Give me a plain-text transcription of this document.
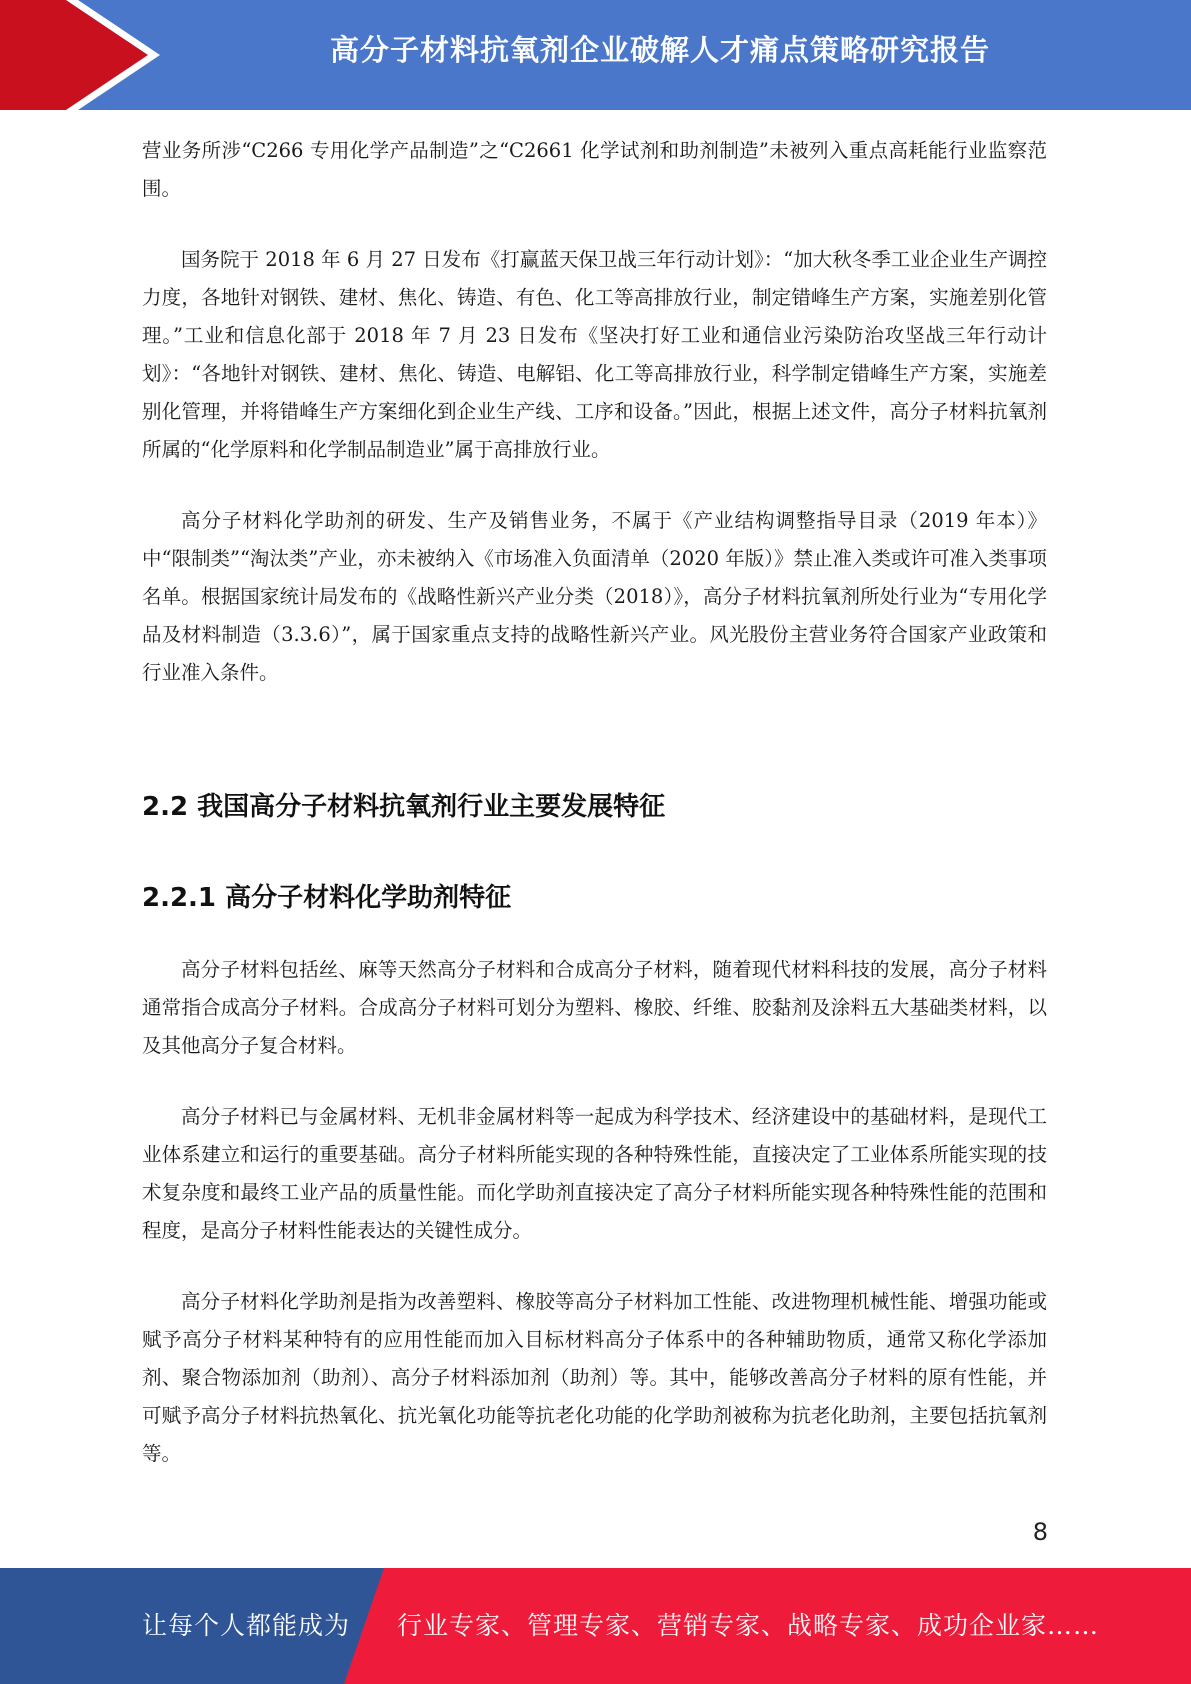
高分子材料抗氧剂企业破解人才痛点策略研究报告

营业务所涉“C266 专用化学产品制造”之“C2661 化学试剂和助剂制造”未被列入重点高耗能行业监察范围。

国务院于 2018 年 6 月 27 日发布《打赢蓝天保卫战三年行动计划》：“加大秋冬季工业企业生产调控力度，各地针对钢铁、建材、焦化、铸造、有色、化工等高排放行业，制定错峰生产方案，实施差别化管理。”工业和信息化部于 2018 年 7 月 23 日发布《坚决打好工业和通信业污染防治攻坚战三年行动计划》：“各地针对钢铁、建材、焦化、铸造、电解铝、化工等高排放行业，科学制定错峰生产方案，实施差别化管理，并将错峰生产方案细化到企业生产线、工序和设备。”因此，根据上述文件，高分子材料抗氧剂所属的“化学原料和化学制品制造业”属于高排放行业。

高分子材料化学助剂的研发、生产及销售业务，不属于《产业结构调整指导目录（2019 年本）》中“限制类”“淘汰类”产业，亦未被纳入《市场准入负面清单（2020 年版）》禁止准入类或许可准入类事项名单。根据国家统计局发布的《战略性新兴产业分类（2018）》，高分子材料抗氧剂所处行业为“专用化学品及材料制造（3.3.6）”，属于国家重点支持的战略性新兴产业。风光股份主营业务符合国家产业政策和行业准入条件。

2.2 我国高分子材料抗氧剂行业主要发展特征
2.2.1 高分子材料化学助剂特征

高分子材料包括丝、麻等天然高分子材料和合成高分子材料，随着现代材料科技的发展，高分子材料通常指合成高分子材料。合成高分子材料可划分为塑料、橡胶、纤维、胶黏剂及涂料五大基础类材料，以及其他高分子复合材料。

高分子材料已与金属材料、无机非金属材料等一起成为科学技术、经济建设中的基础材料，是现代工业体系建立和运行的重要基础。高分子材料所能实现的各种特殊性能，直接决定了工业体系所能实现的技术复杂度和最终工业产品的质量性能。而化学助剂直接决定了高分子材料所能实现各种特殊性能的范围和程度，是高分子材料性能表达的关键性成分。

高分子材料化学助剂是指为改善塑料、橡胶等高分子材料加工性能、改进物理机械性能、增强功能或赋予高分子材料某种特有的应用性能而加入目标材料高分子体系中的各种辅助物质，通常又称化学添加剂、聚合物添加剂（助剂）、高分子材料添加剂（助剂）等。其中，能够改善高分子材料的原有性能，并可赋予高分子材料抗热氧化、抗光氧化功能等抗老化功能的化学助剂被称为抗老化助剂，主要包括抗氧剂等。

8
让每个人都能成为 行业专家、管理专家、营销专家、战略专家、成功企业家……
